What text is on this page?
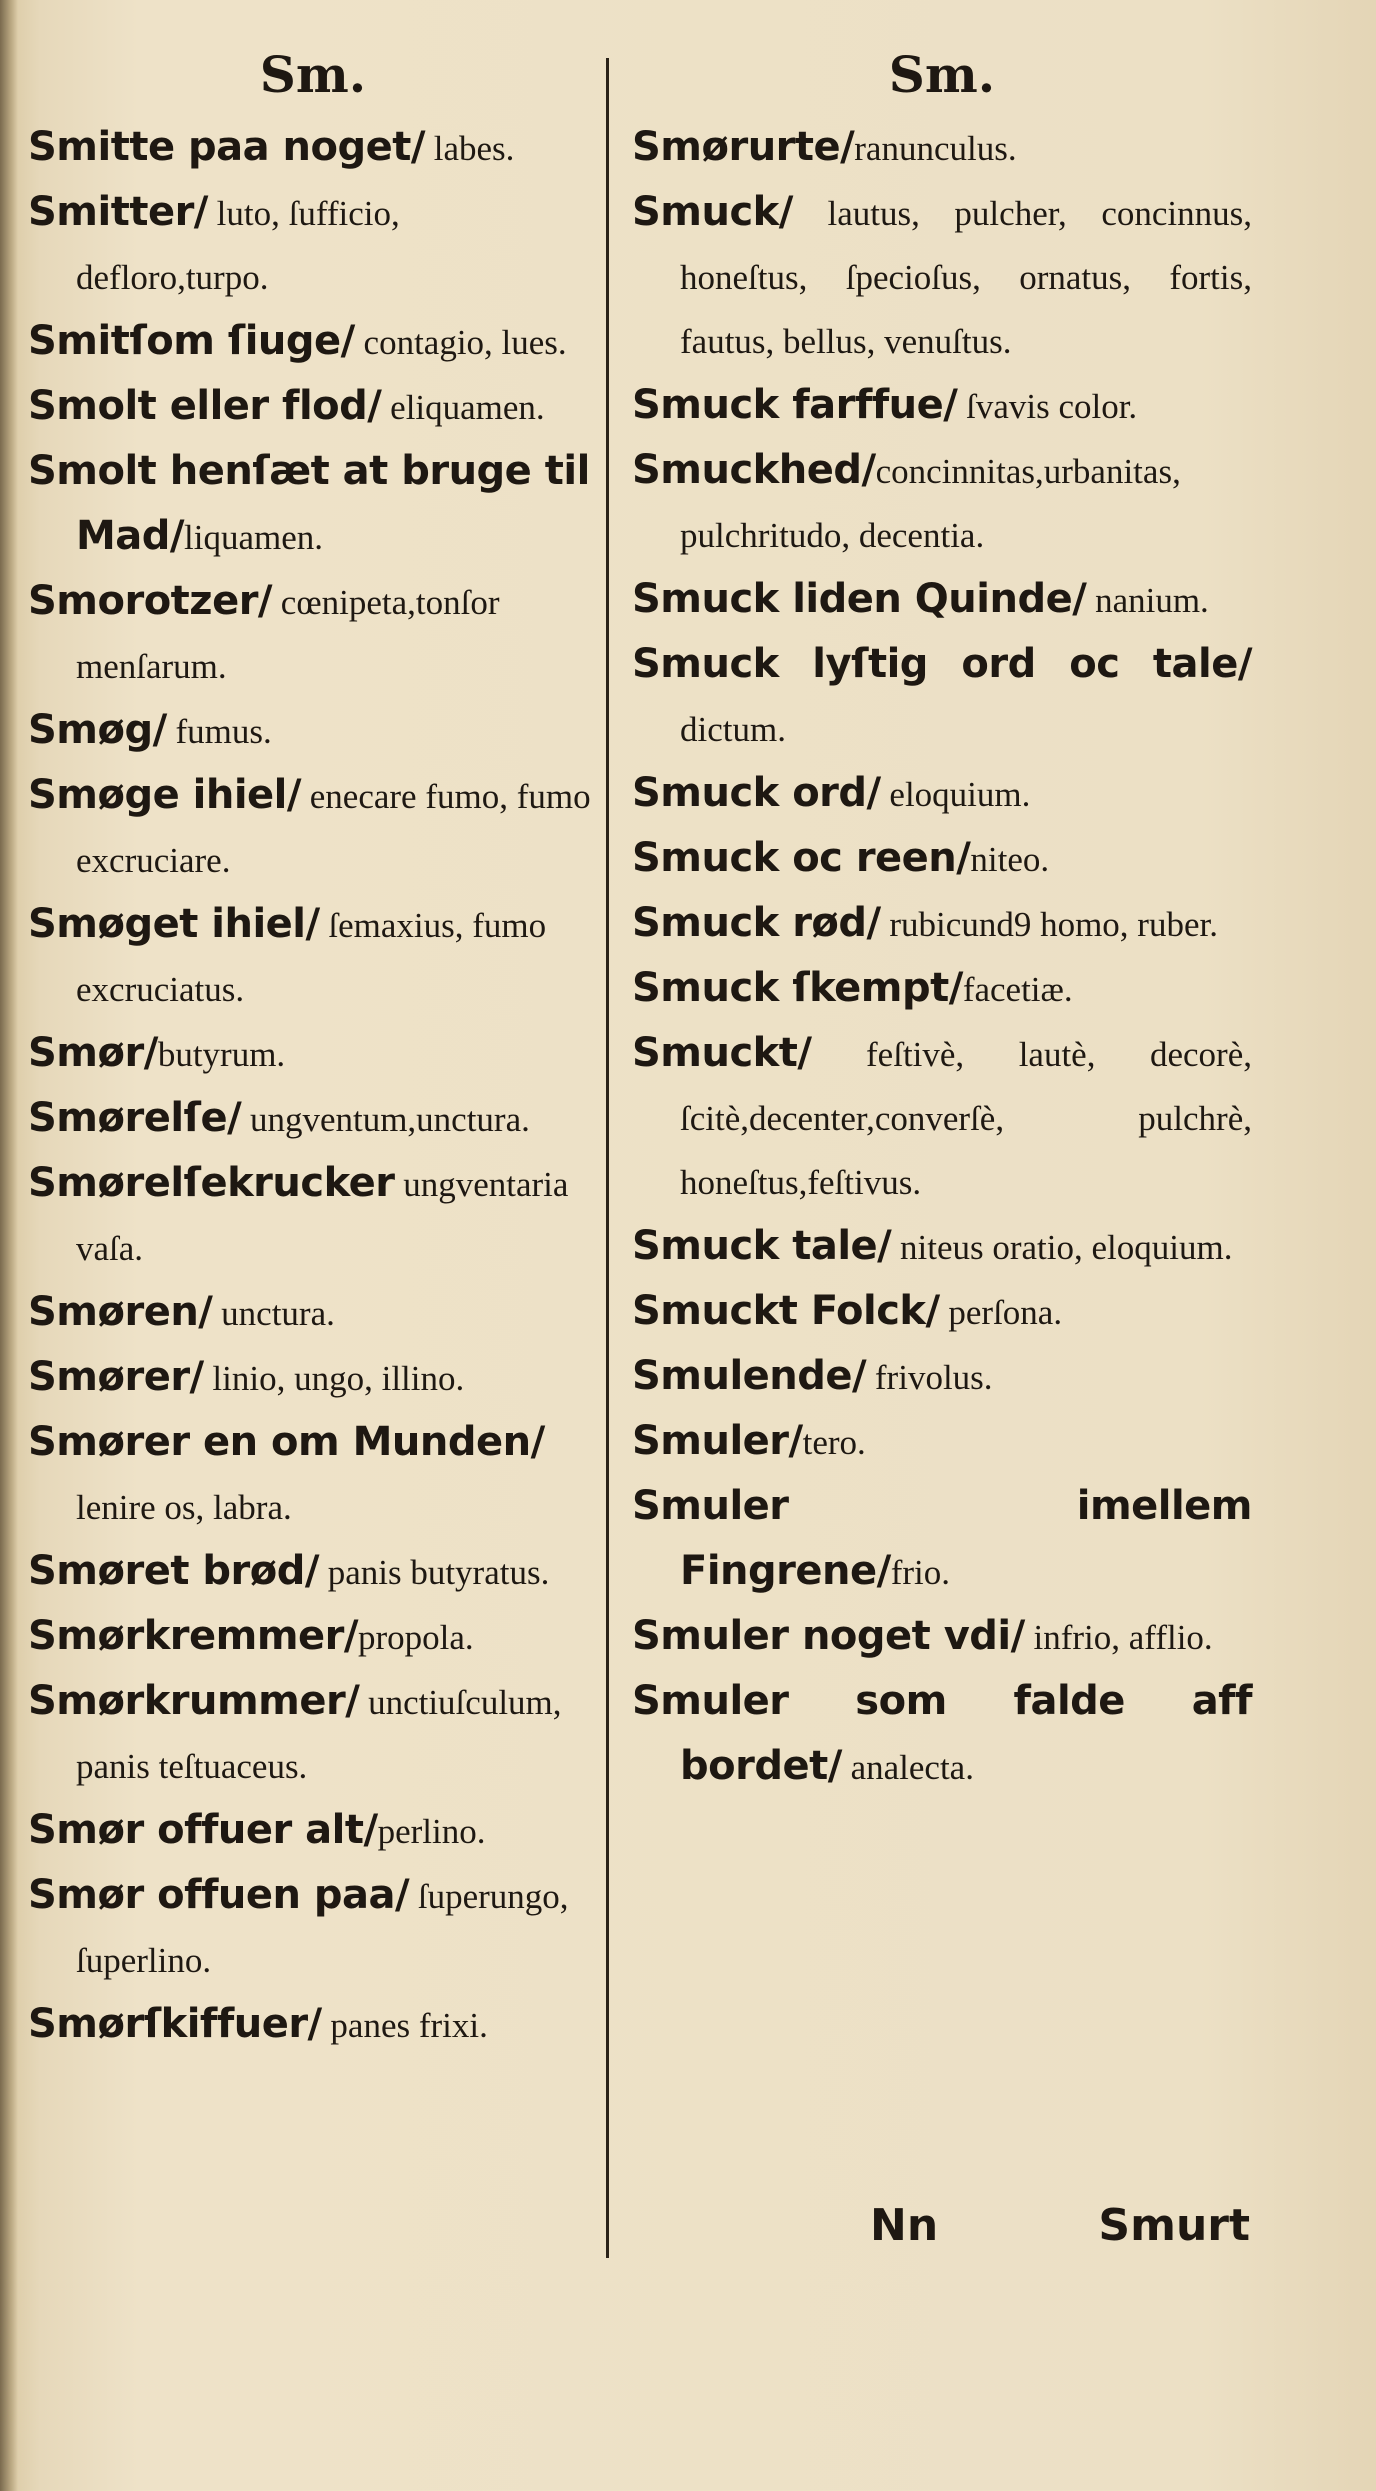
Sm.
Smitte paa noget/ labes.
Smitter/ luto, ſufficio, defloro,turpo.
Smitſom ſiuge/ contagio, lues.
Smolt eller flod/ eliquamen.
Smolt henſæt at bruge til Mad/liquamen.
Smorotzer/ cœnipeta,tonſor menſarum.
Smøg/ fumus.
Smøge ihiel/ enecare fumo, fumo excruciare.
Smøget ihiel/ ſemaxius, fumo excruciatus.
Smør/butyrum.
Smørelſe/ ungventum,unctura.
Smørelſekrucker ungventaria vaſa.
Smøren/ unctura.
Smører/ linio, ungo, illino.
Smører en om Munden/ lenire os, labra.
Smøret brød/ panis butyratus.
Smørkremmer/propola.
Smørkrummer/ unctiuſculum, panis teſtuaceus.
Smør offuer alt/perlino.
Smør offuen paa/ ſuperungo, ſuperlino.
Smørſkiffuer/ panes frixi.
Sm.
Smørurte/ranunculus.
Smuck/ lautus, pulcher, concinnus, honeſtus, ſpecioſus, ornatus, fortis, fautus, bellus, venuſtus.
Smuck farffue/ ſvavis color.
Smuckhed/concinnitas,urbanitas, pulchritudo, decentia.
Smuck liden Quinde/ nanium.
Smuck lyſtig ord oc tale/ dictum.
Smuck ord/ eloquium.
Smuck oc reen/niteo.
Smuck rød/ rubicund9 homo, ruber.
Smuck ſkempt/facetiæ.
Smuckt/ feſtivè, lautè, decorè, ſcitè,decenter,converſè, pulchrè, honeſtus,feſtivus.
Smuck tale/ niteus oratio, eloquium.
Smuckt Folck/ perſona.
Smulende/ frivolus.
Smuler/tero.
Smuler imellem Fingrene/frio.
Smuler noget vdi/ infrio, afflio.
Smuler som falde aff bordet/ analecta.
Nn	Smurt
